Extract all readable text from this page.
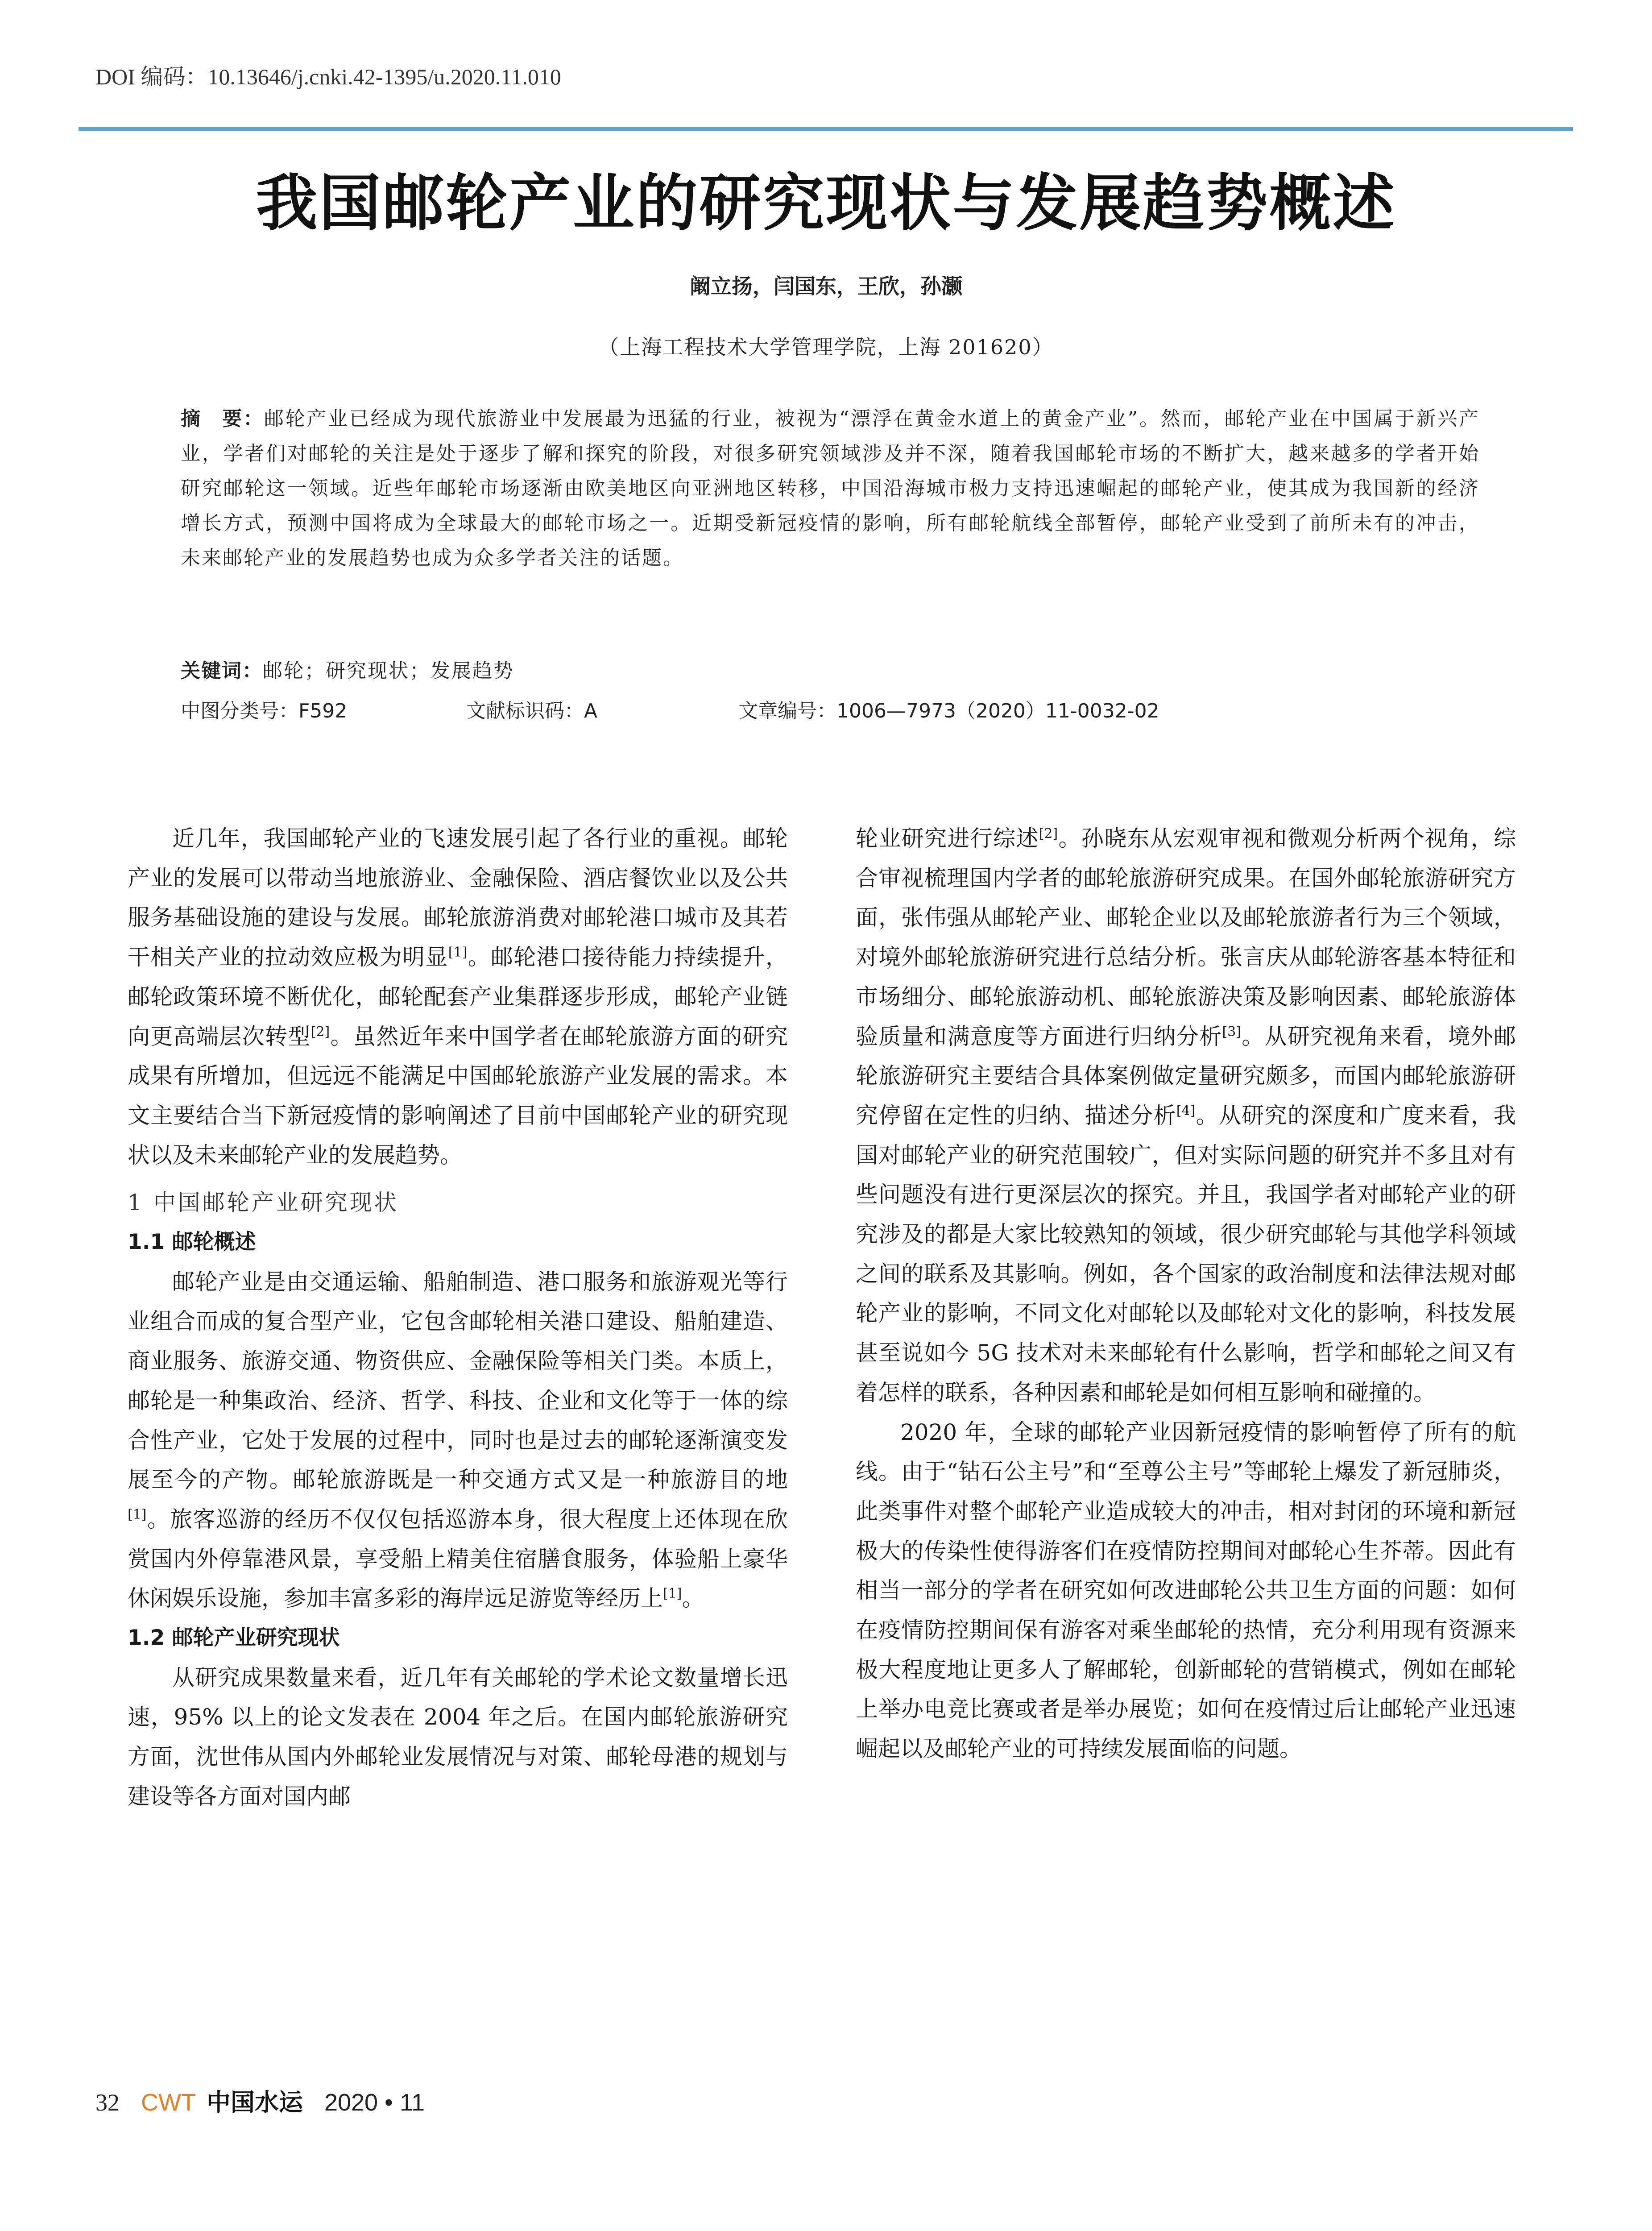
DOI 编码：10.13646/j.cnki.42-1395/u.2020.11.010
我国邮轮产业的研究现状与发展趋势概述
阚立扬，闫国东，王欣，孙灏
（上海工程技术大学管理学院，上海 201620）
摘　要：邮轮产业已经成为现代旅游业中发展最为迅猛的行业，被视为“漂浮在黄金水道上的黄金产业”。然而，邮轮产业在中国属于新兴产业，学者们对邮轮的关注是处于逐步了解和探究的阶段，对很多研究领域涉及并不深，随着我国邮轮市场的不断扩大，越来越多的学者开始研究邮轮这一领域。近些年邮轮市场逐渐由欧美地区向亚洲地区转移，中国沿海城市极力支持迅速崛起的邮轮产业，使其成为我国新的经济增长方式，预测中国将成为全球最大的邮轮市场之一。近期受新冠疫情的影响，所有邮轮航线全部暂停，邮轮产业受到了前所未有的冲击，未来邮轮产业的发展趋势也成为众多学者关注的话题。
关键词：邮轮；研究现状；发展趋势
中图分类号：F592	文献标识码：A	文章编号：1006—7973（2020）11-0032-02

近几年，我国邮轮产业的飞速发展引起了各行业的重视。邮轮产业的发展可以带动当地旅游业、金融保险、酒店餐饮业以及公共服务基础设施的建设与发展。邮轮旅游消费对邮轮港口城市及其若干相关产业的拉动效应极为明显[1]。邮轮港口接待能力持续提升，邮轮政策环境不断优化，邮轮配套产业集群逐步形成，邮轮产业链向更高端层次转型[2]。虽然近年来中国学者在邮轮旅游方面的研究成果有所增加，但远远不能满足中国邮轮旅游产业发展的需求。本文主要结合当下新冠疫情的影响阐述了目前中国邮轮产业的研究现状以及未来邮轮产业的发展趋势。

1 中国邮轮产业研究现状
1.1 邮轮概述

邮轮产业是由交通运输、船舶制造、港口服务和旅游观光等行业组合而成的复合型产业，它包含邮轮相关港口建设、船舶建造、商业服务、旅游交通、物资供应、金融保险等相关门类。本质上，邮轮是一种集政治、经济、哲学、科技、企业和文化等于一体的综合性产业，它处于发展的过程中，同时也是过去的邮轮逐渐演变发展至今的产物。邮轮旅游既是一种交通方式又是一种旅游目的地[1]。旅客巡游的经历不仅仅包括巡游本身，很大程度上还体现在欣赏国内外停靠港风景，享受船上精美住宿膳食服务，体验船上豪华休闲娱乐设施，参加丰富多彩的海岸远足游览等经历上[1]。

1.2 邮轮产业研究现状

从研究成果数量来看，近几年有关邮轮的学术论文数量增长迅速，95% 以上的论文发表在 2004 年之后。在国内邮轮旅游研究方面，沈世伟从国内外邮轮业发展情况与对策、邮轮母港的规划与建设等各方面对国内邮

轮业研究进行综述[2]。孙晓东从宏观审视和微观分析两个视角，综合审视梳理国内学者的邮轮旅游研究成果。在国外邮轮旅游研究方面，张伟强从邮轮产业、邮轮企业以及邮轮旅游者行为三个领域，对境外邮轮旅游研究进行总结分析。张言庆从邮轮游客基本特征和市场细分、邮轮旅游动机、邮轮旅游决策及影响因素、邮轮旅游体验质量和满意度等方面进行归纳分析[3]。从研究视角来看，境外邮轮旅游研究主要结合具体案例做定量研究颇多，而国内邮轮旅游研究停留在定性的归纳、描述分析[4]。从研究的深度和广度来看，我国对邮轮产业的研究范围较广，但对实际问题的研究并不多且对有些问题没有进行更深层次的探究。并且，我国学者对邮轮产业的研究涉及的都是大家比较熟知的领域，很少研究邮轮与其他学科领域之间的联系及其影响。例如，各个国家的政治制度和法律法规对邮轮产业的影响，不同文化对邮轮以及邮轮对文化的影响，科技发展甚至说如今 5G 技术对未来邮轮有什么影响，哲学和邮轮之间又有着怎样的联系，各种因素和邮轮是如何相互影响和碰撞的。

2020 年，全球的邮轮产业因新冠疫情的影响暂停了所有的航线。由于“钻石公主号”和“至尊公主号”等邮轮上爆发了新冠肺炎，此类事件对整个邮轮产业造成较大的冲击，相对封闭的环境和新冠极大的传染性使得游客们在疫情防控期间对邮轮心生芥蒂。因此有相当一部分的学者在研究如何改进邮轮公共卫生方面的问题：如何在疫情防控期间保有游客对乘坐邮轮的热情，充分利用现有资源来极大程度地让更多人了解邮轮，创新邮轮的营销模式，例如在邮轮上举办电竞比赛或者是举办展览；如何在疫情过后让邮轮产业迅速崛起以及邮轮产业的可持续发展面临的问题。

32 CWT 中国水运 2020 • 11
